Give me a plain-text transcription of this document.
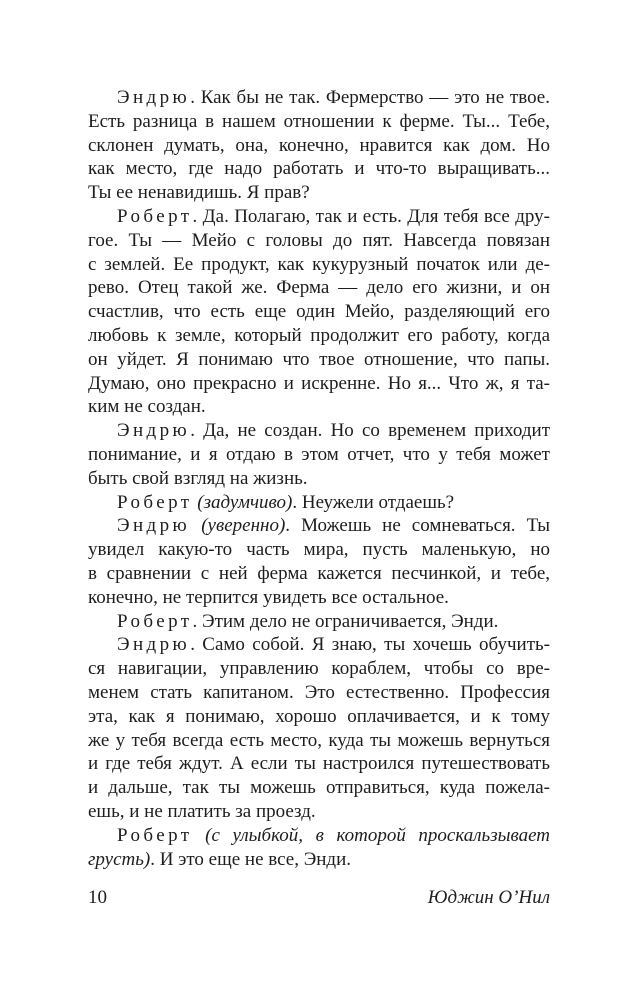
Эндрю. Как бы не так. Фермерство — это не твое.
Есть разница в нашем отношении к ферме. Ты... Тебе,
склонен думать, она, конечно, нравится как дом. Но
как место, где надо работать и что-то выращивать...
Ты ее ненавидишь. Я прав?
Роберт. Да. Полагаю, так и есть. Для тебя все дру-
гое. Ты — Мейо с головы до пят. Навсегда повязан
с землей. Ее продукт, как кукурузный початок или де-
рево. Отец такой же. Ферма — дело его жизни, и он
счастлив, что есть еще один Мейо, разделяющий его
любовь к земле, который продолжит его работу, когда
он уйдет. Я понимаю что твое отношение, что папы.
Думаю, оно прекрасно и искренне. Но я... Что ж, я та-
ким не создан.
Эндрю. Да, не создан. Но со временем приходит
понимание, и я отдаю в этом отчет, что у тебя может
быть свой взгляд на жизнь.
Роберт (задумчиво). Неужели отдаешь?
Эндрю (уверенно). Можешь не сомневаться. Ты
увидел какую-то часть мира, пусть маленькую, но
в сравнении с ней ферма кажется песчинкой, и тебе,
конечно, не терпится увидеть все остальное.
Роберт. Этим дело не ограничивается, Энди.
Эндрю. Само собой. Я знаю, ты хочешь обучить-
ся навигации, управлению кораблем, чтобы со вре-
менем стать капитаном. Это естественно. Профессия
эта, как я понимаю, хорошо оплачивается, и к тому
же у тебя всегда есть место, куда ты можешь вернуться
и где тебя ждут. А если ты настроился путешествовать
и дальше, так ты можешь отправиться, куда пожела-
ешь, и не платить за проезд.
Роберт (с улыбкой, в которой проскальзывает
грусть). И это еще не все, Энди.
10	Юджин О’Нил
